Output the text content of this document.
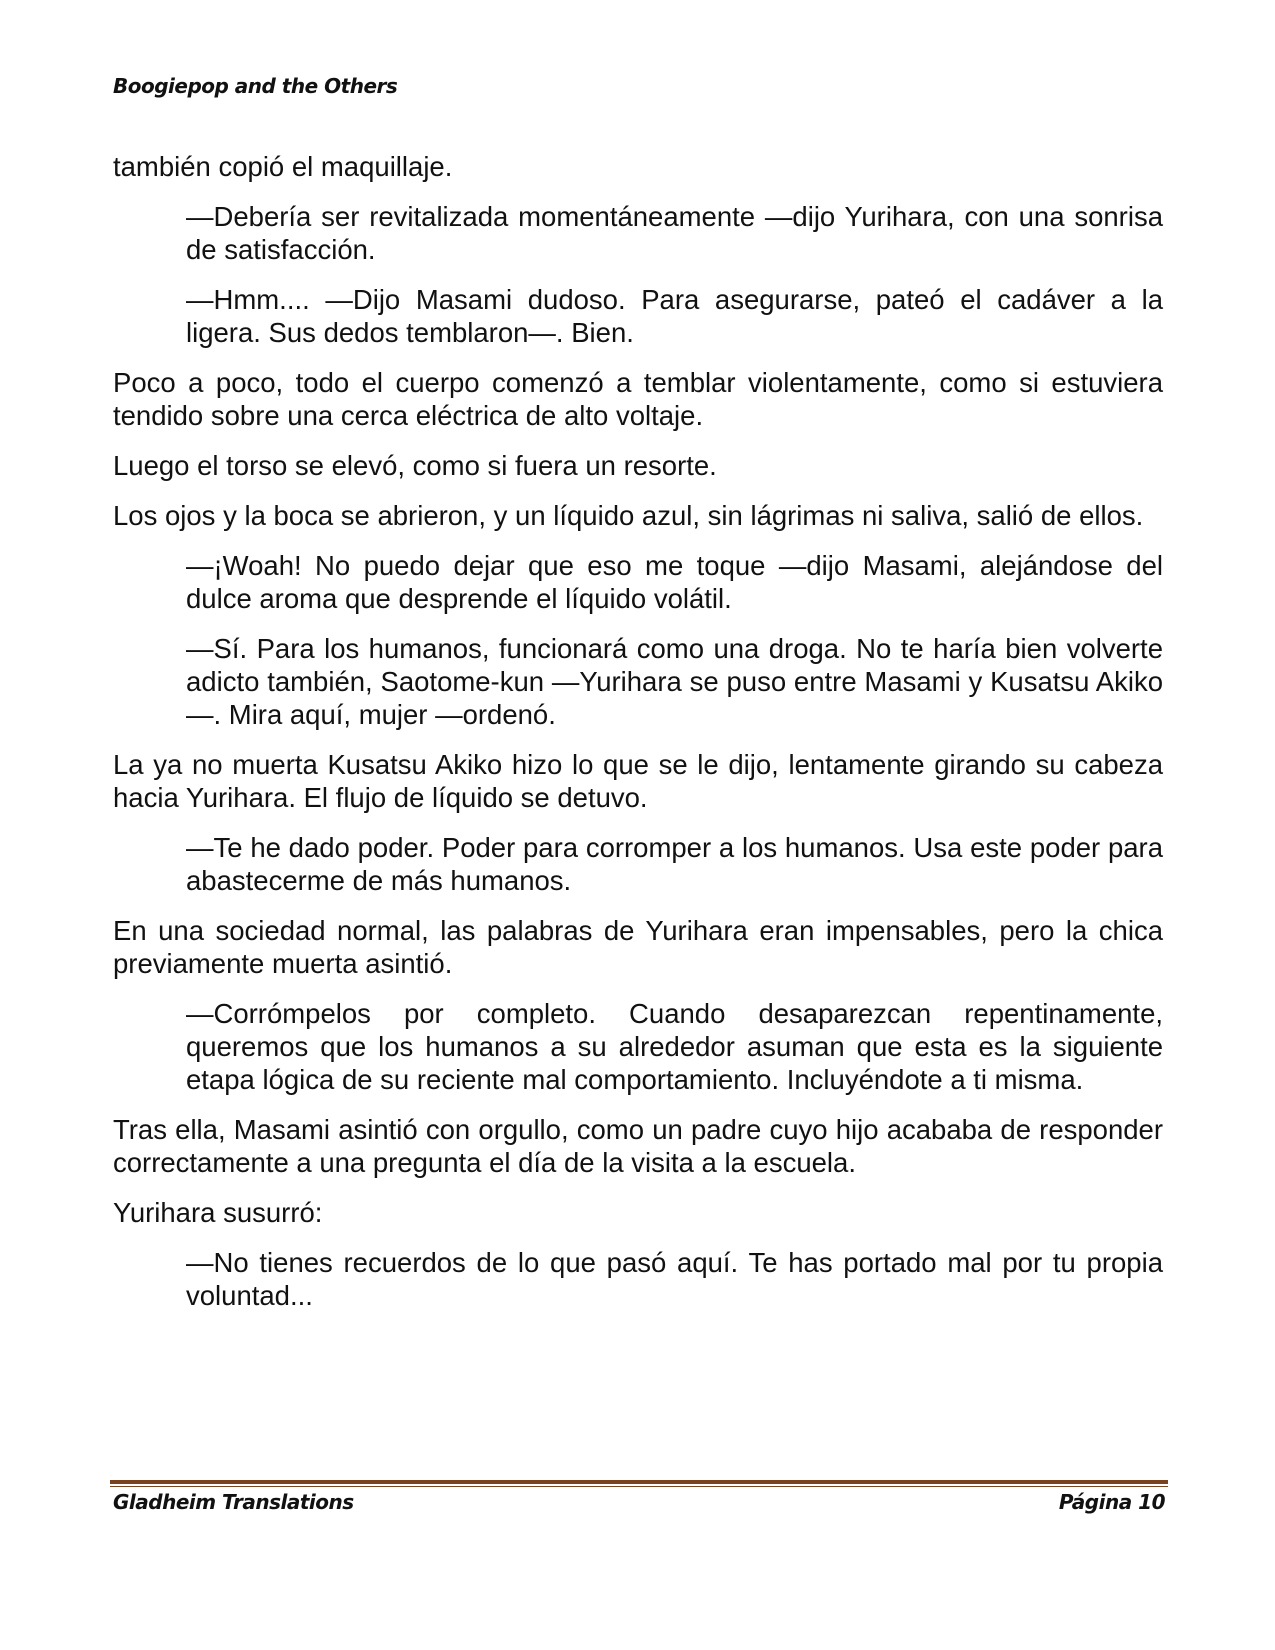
Boogiepop and the Others

también copió el maquillaje.

—Debería ser revitalizada momentáneamente —dijo Yurihara, con una sonrisa de satisfacción.

—Hmm.... —Dijo Masami dudoso. Para asegurarse, pateó el cadáver a la ligera. Sus dedos temblaron—. Bien.

Poco a poco, todo el cuerpo comenzó a temblar violentamente, como si estuviera tendido sobre una cerca eléctrica de alto voltaje.

Luego el torso se elevó, como si fuera un resorte.

Los ojos y la boca se abrieron, y un líquido azul, sin lágrimas ni saliva, salió de ellos.

—¡Woah! No puedo dejar que eso me toque —dijo Masami, alejándose del dulce aroma que desprende el líquido volátil.

—Sí. Para los humanos, funcionará como una droga. No te haría bien volverte adicto también, Saotome-kun —Yurihara se puso entre Masami y Kusatsu Akiko—. Mira aquí, mujer —ordenó.

La ya no muerta Kusatsu Akiko hizo lo que se le dijo, lentamente girando su cabeza hacia Yurihara. El flujo de líquido se detuvo.

—Te he dado poder. Poder para corromper a los humanos. Usa este poder para abastecerme de más humanos.

En una sociedad normal, las palabras de Yurihara eran impensables, pero la chica previamente muerta asintió.

—Corrómpelos por completo. Cuando desaparezcan repentinamente, queremos que los humanos a su alrededor asuman que esta es la siguiente etapa lógica de su reciente mal comportamiento. Incluyéndote a ti misma.

Tras ella, Masami asintió con orgullo, como un padre cuyo hijo acababa de responder correctamente a una pregunta el día de la visita a la escuela.

Yurihara susurró:

—No tienes recuerdos de lo que pasó aquí. Te has portado mal por tu propia voluntad...

Gladheim Translations	Página 10
